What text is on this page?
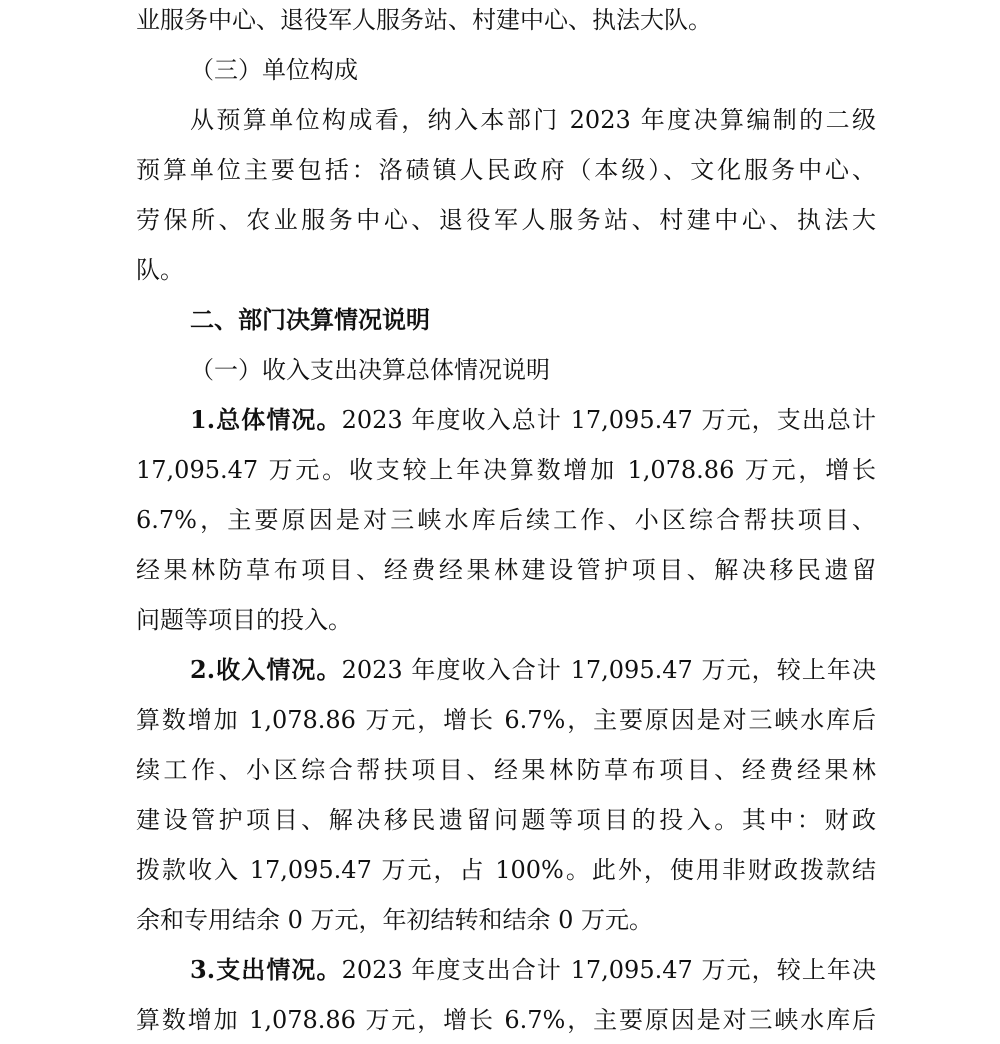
业服务中心、退役军人服务站、村建中心、执法大队。
（三）单位构成
从预算单位构成看，纳入本部门 2023 年度决算编制的二级
预算单位主要包括：洛碛镇人民政府（本级）、文化服务中心、
劳保所、农业服务中心、退役军人服务站、村建中心、执法大
队。
二、部门决算情况说明
（一）收入支出决算总体情况说明
1.总体情况。2023 年度收入总计 17,095.47 万元，支出总计
17,095.47 万元。收支较上年决算数增加 1,078.86 万元，增长
6.7%，主要原因是对三峡水库后续工作、小区综合帮扶项目、
经果林防草布项目、经费经果林建设管护项目、解决移民遗留
问题等项目的投入。
2.收入情况。2023 年度收入合计 17,095.47 万元，较上年决
算数增加 1,078.86 万元，增长 6.7%，主要原因是对三峡水库后
续工作、小区综合帮扶项目、经果林防草布项目、经费经果林
建设管护项目、解决移民遗留问题等项目的投入。其中：财政
拨款收入 17,095.47 万元，占 100%。此外，使用非财政拨款结
余和专用结余 0 万元，年初结转和结余 0 万元。
3.支出情况。2023 年度支出合计 17,095.47 万元，较上年决
算数增加 1,078.86 万元，增长 6.7%，主要原因是对三峡水库后
